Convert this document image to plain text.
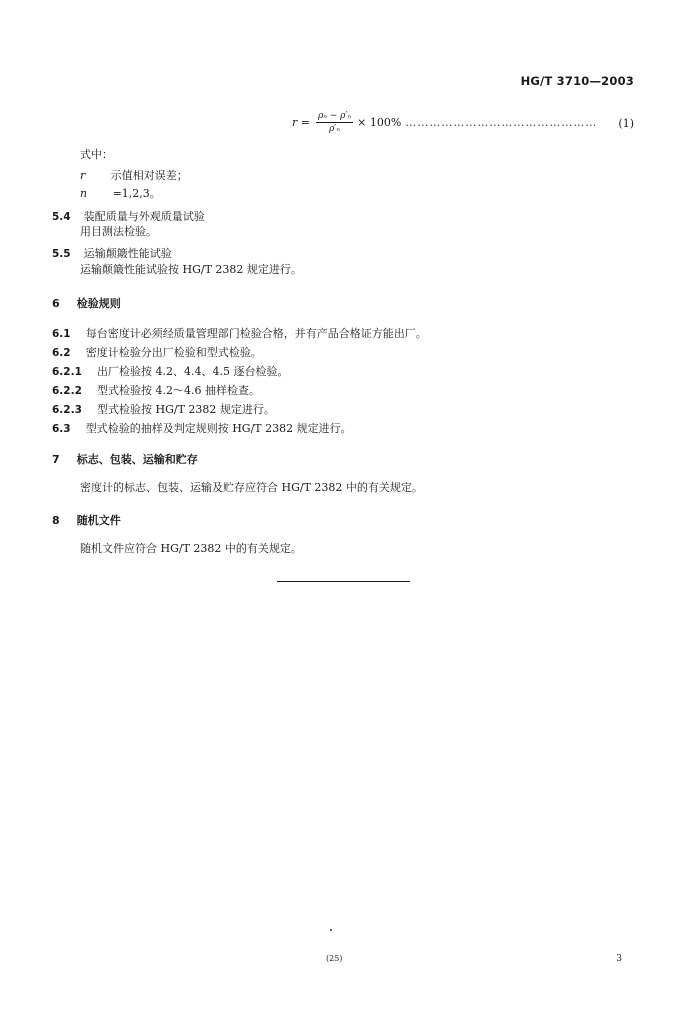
HG/T 3710—2003
$r = \frac{\text{ρₙ − ρ′ₙ}}{\text{ρ′ₙ}} \times 100\%$ ………………………………………… (1)
式中：
r 示值相对误差；
n =1,2,3。
5.4 装配质量与外观质量试验
用目测法检验。
5.5 运输颠簸性能试验
运输颠簸性能试验按 HG/T 2382 规定进行。
6 检验规则
6.1 每台密度计必须经质量管理部门检验合格，并有产品合格证方能出厂。
6.2 密度计检验分出厂检验和型式检验。
6.2.1 出厂检验按 4.2、4.4、4.5 逐台检验。
6.2.2 型式检验按 4.2～4.6 抽样检查。
6.2.3 型式检验按 HG/T 2382 规定进行。
6.3 型式检验的抽样及判定规则按 HG/T 2382 规定进行。
7 标志、包装、运输和贮存
密度计的标志、包装、运输及贮存应符合 HG/T 2382 中的有关规定。
8 随机文件
随机文件应符合 HG/T 2382 中的有关规定。
(25)	3
